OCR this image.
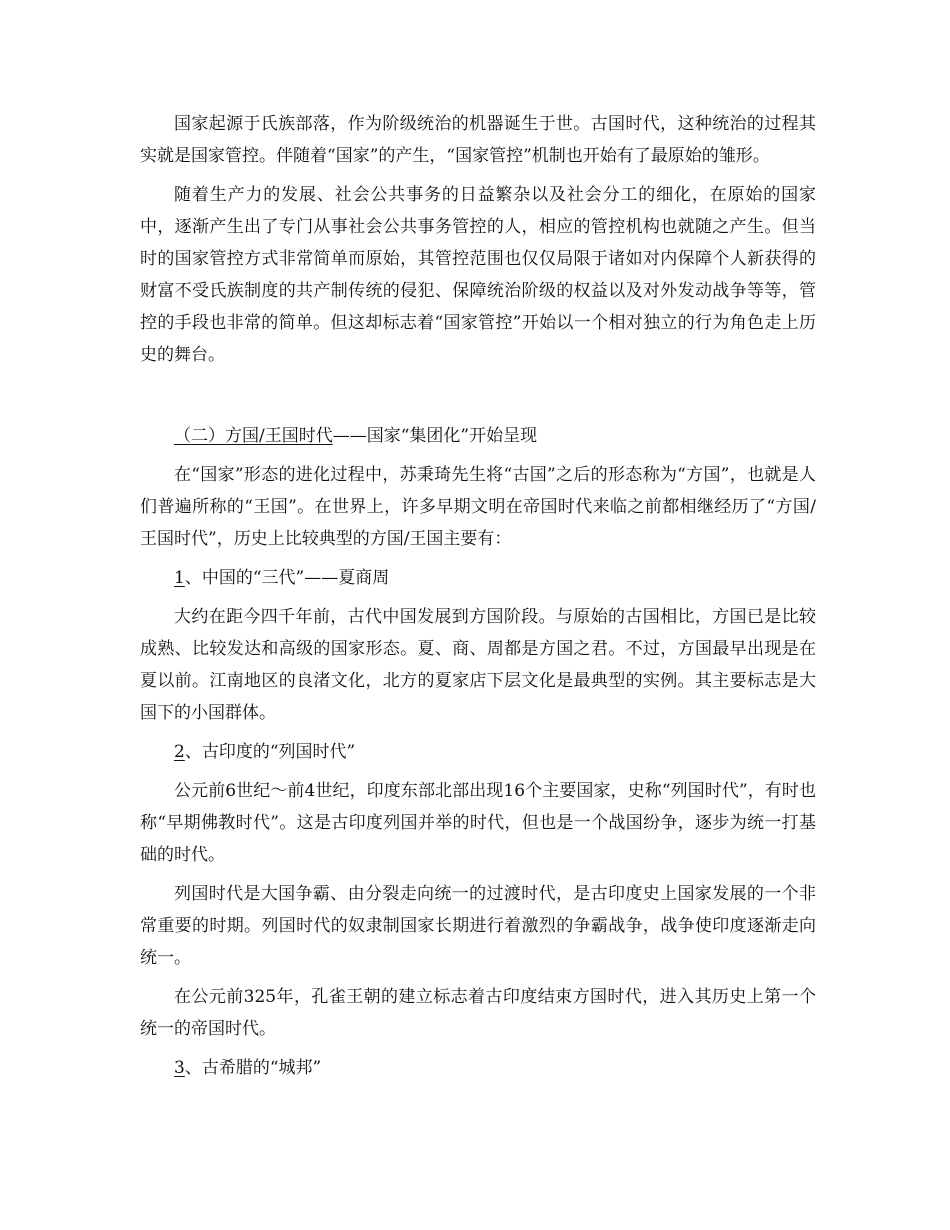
国家起源于氏族部落，作为阶级统治的机器诞生于世。古国时代，这种统治的过程其实就是国家管控。伴随着“国家”的产生，“国家管控”机制也开始有了最原始的雏形。

随着生产力的发展、社会公共事务的日益繁杂以及社会分工的细化，在原始的国家中，逐渐产生出了专门从事社会公共事务管控的人，相应的管控机构也就随之产生。但当时的国家管控方式非常简单而原始，其管控范围也仅仅局限于诸如对内保障个人新获得的财富不受氏族制度的共产制传统的侵犯、保障统治阶级的权益以及对外发动战争等等，管控的手段也非常的简单。但这却标志着“国家管控”开始以一个相对独立的行为角色走上历史的舞台。

（二）方国/王国时代——国家“集团化”开始呈现

在“国家”形态的进化过程中，苏秉琦先生将“古国”之后的形态称为“方国”，也就是人们普遍所称的“王国”。在世界上，许多早期文明在帝国时代来临之前都相继经历了“方国/王国时代”，历史上比较典型的方国/王国主要有：

1、中国的“三代”——夏商周

大约在距今四千年前，古代中国发展到方国阶段。与原始的古国相比，方国已是比较成熟、比较发达和高级的国家形态。夏、商、周都是方国之君。不过，方国最早出现是在夏以前。江南地区的良渚文化，北方的夏家店下层文化是最典型的实例。其主要标志是大国下的小国群体。

2、古印度的“列国时代”

公元前6世纪～前4世纪，印度东部北部出现16个主要国家，史称“列国时代”，有时也称“早期佛教时代”。这是古印度列国并举的时代，但也是一个战国纷争，逐步为统一打基础的时代。

列国时代是大国争霸、由分裂走向统一的过渡时代，是古印度史上国家发展的一个非常重要的时期。列国时代的奴隶制国家长期进行着激烈的争霸战争，战争使印度逐渐走向统一。

在公元前325年，孔雀王朝的建立标志着古印度结束方国时代，进入其历史上第一个统一的帝国时代。

3、古希腊的“城邦”
